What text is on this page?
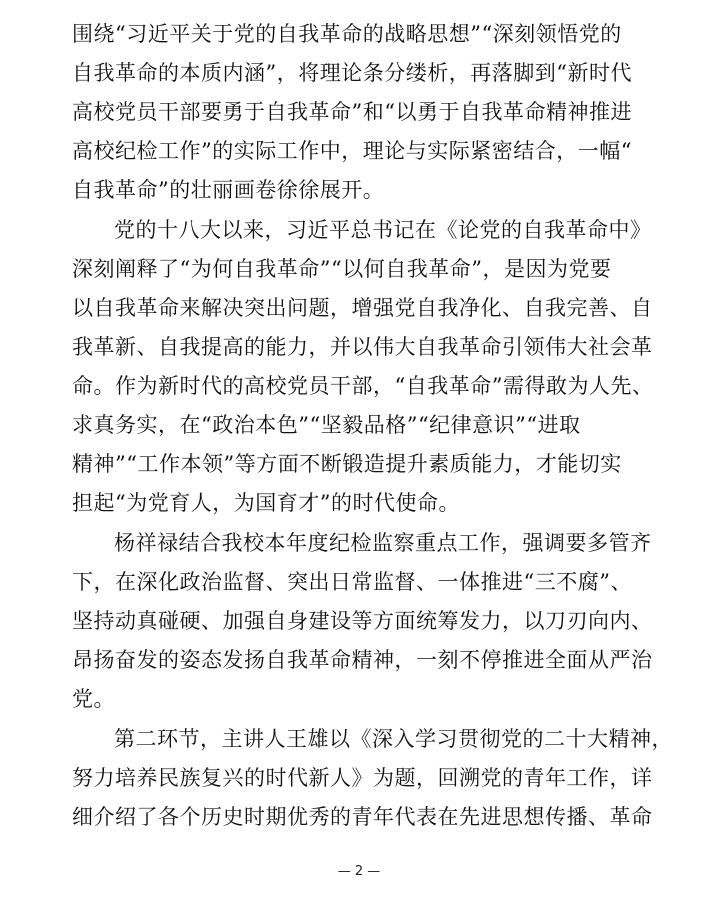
围绕“习近平关于党的自我革命的战略思想”“深刻领悟党的
自我革命的本质内涵”，将理论条分缕析，再落脚到“新时代
高校党员干部要勇于自我革命”和“以勇于自我革命精神推进
高校纪检工作”的实际工作中，理论与实际紧密结合，一幅“
自我革命”的壮丽画卷徐徐展开。
党的十八大以来，习近平总书记在《论党的自我革命中》
深刻阐释了“为何自我革命”“以何自我革命”，是因为党要
以自我革命来解决突出问题，增强党自我净化、自我完善、自
我革新、自我提高的能力，并以伟大自我革命引领伟大社会革
命。作为新时代的高校党员干部，“自我革命”需得敢为人先、
求真务实，在“政治本色”“坚毅品格”“纪律意识”“进取
精神”“工作本领”等方面不断锻造提升素质能力，才能切实
担起“为党育人，为国育才”的时代使命。
杨祥禄结合我校本年度纪检监察重点工作，强调要多管齐
下，在深化政治监督、突出日常监督、一体推进“三不腐”、
坚持动真碰硬、加强自身建设等方面统筹发力，以刀刃向内、
昂扬奋发的姿态发扬自我革命精神，一刻不停推进全面从严治
党。
第二环节，主讲人王雄以《深入学习贯彻党的二十大精神，
努力培养民族复兴的时代新人》为题，回溯党的青年工作，详
细介绍了各个历史时期优秀的青年代表在先进思想传播、革命
— 2 —
